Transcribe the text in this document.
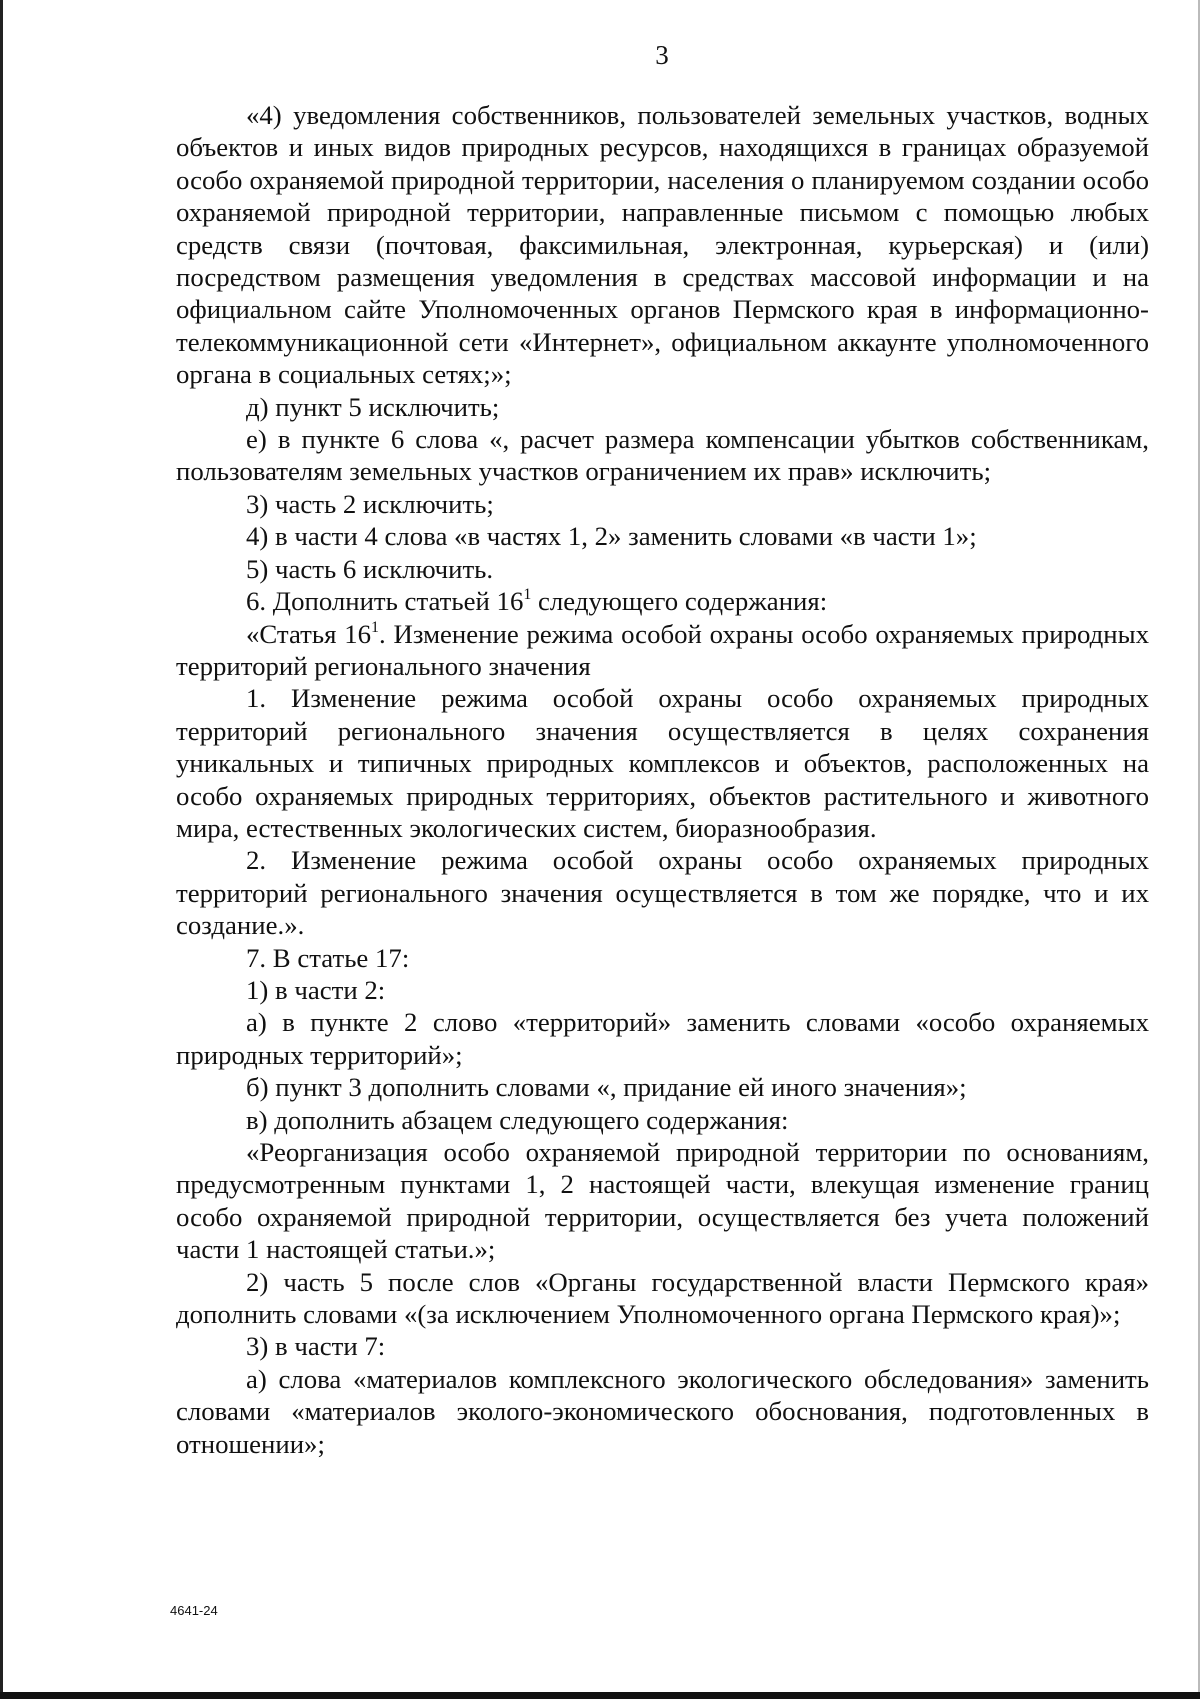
3

«4) уведомления собственников, пользователей земельных участков, водных объектов и иных видов природных ресурсов, находящихся в границах образуемой особо охраняемой природной территории, населения о планируемом создании особо охраняемой природной территории, направленные письмом с помощью любых средств связи (почтовая, факсимильная, электронная, курьерская) и (или) посредством размещения уведомления в средствах массовой информации и на официальном сайте Уполномоченных органов Пермского края в информационно-телекоммуникационной сети «Интернет», официальном аккаунте уполномоченного органа в социальных сетях;»;

д) пункт 5 исключить;

е) в пункте 6 слова «, расчет размера компенсации убытков собственникам, пользователям земельных участков ограничением их прав» исключить;

3) часть 2 исключить;

4) в части 4 слова «в частях 1, 2» заменить словами «в части 1»;

5) часть 6 исключить.

6. Дополнить статьей $16^1$ следующего содержания:

«Статья $16^1$. Изменение режима особой охраны особо охраняемых природных территорий регионального значения

1. Изменение режима особой охраны особо охраняемых природных территорий регионального значения осуществляется в целях сохранения уникальных и типичных природных комплексов и объектов, расположенных на особо охраняемых природных территориях, объектов растительного и животного мира, естественных экологических систем, биоразнообразия.

2. Изменение режима особой охраны особо охраняемых природных территорий регионального значения осуществляется в том же порядке, что и их создание.».

7. В статье 17:

1) в части 2:

а) в пункте 2 слово «территорий» заменить словами «особо охраняемых природных территорий»;

б) пункт 3 дополнить словами «, придание ей иного значения»;

в) дополнить абзацем следующего содержания:

«Реорганизация особо охраняемой природной территории по основаниям, предусмотренным пунктами 1, 2 настоящей части, влекущая изменение границ особо охраняемой природной территории, осуществляется без учета положений части 1 настоящей статьи.»;

2) часть 5 после слов «Органы государственной власти Пермского края» дополнить словами «(за исключением Уполномоченного органа Пермского края)»;

3) в части 7:

а) слова «материалов комплексного экологического обследования» заменить словами «материалов эколого-экономического обоснования, подготовленных в отношении»;

4641-24
